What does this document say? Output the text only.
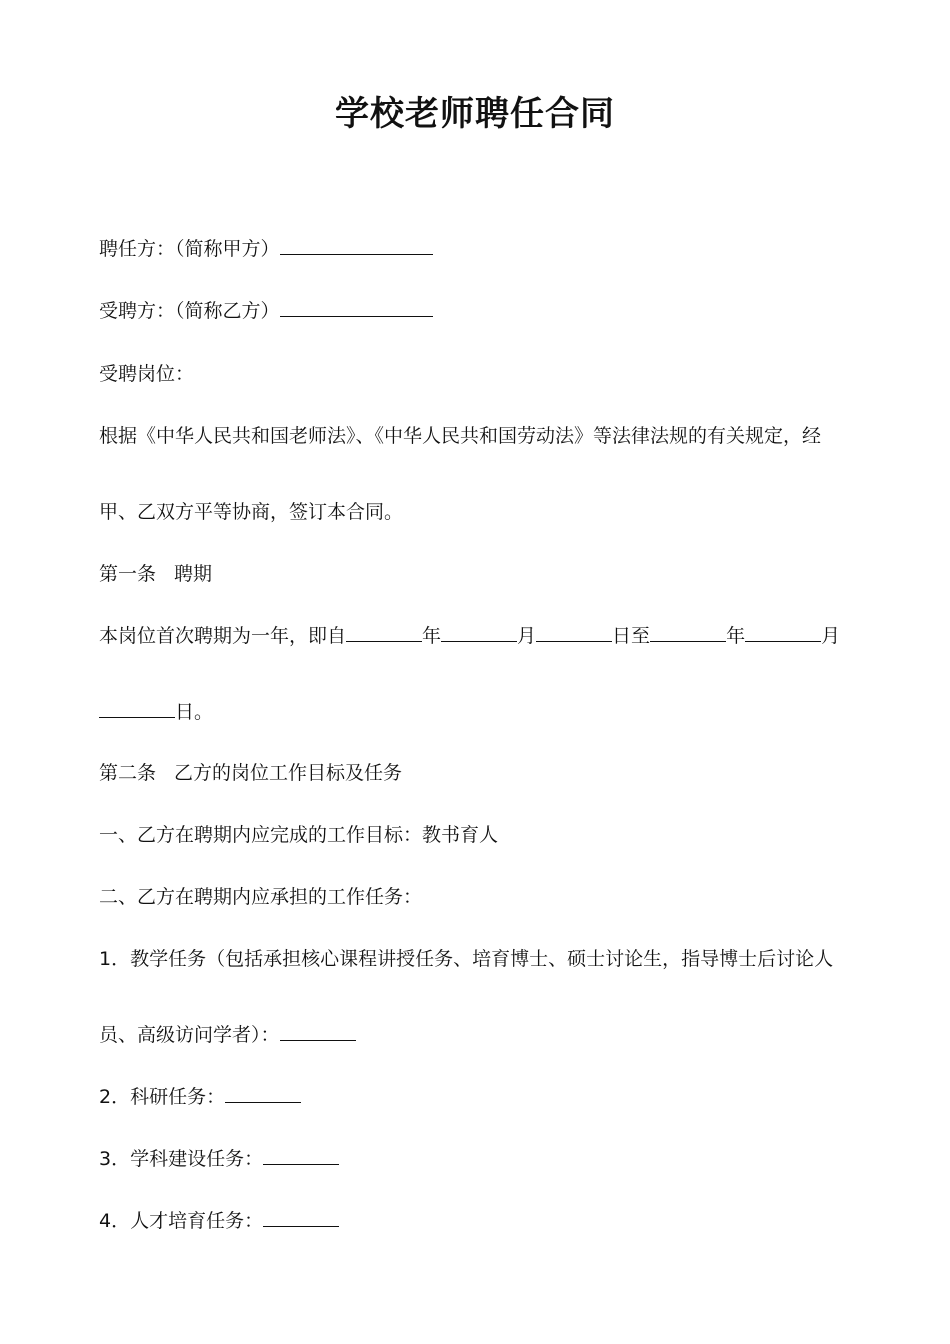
学校老师聘任合同
聘任方：（简称甲方）
受聘方：（简称乙方）
受聘岗位：
根据《中华人民共和国老师法》、《中华人民共和国劳动法》等法律法规的有关规定，经
甲、乙双方平等协商，签订本合同。
第一条 聘期
本岗位首次聘期为一年，即自	年	月	日至	年	月
日。
第二条 乙方的岗位工作目标及任务
一、乙方在聘期内应完成的工作目标：教书育人
二、乙方在聘期内应承担的工作任务：
1．教学任务（包括承担核心课程讲授任务、培育博士、硕士讨论生，指导博士后讨论人
员、高级访问学者）：
2．科研任务：
3．学科建设任务：
4．人才培育任务：
